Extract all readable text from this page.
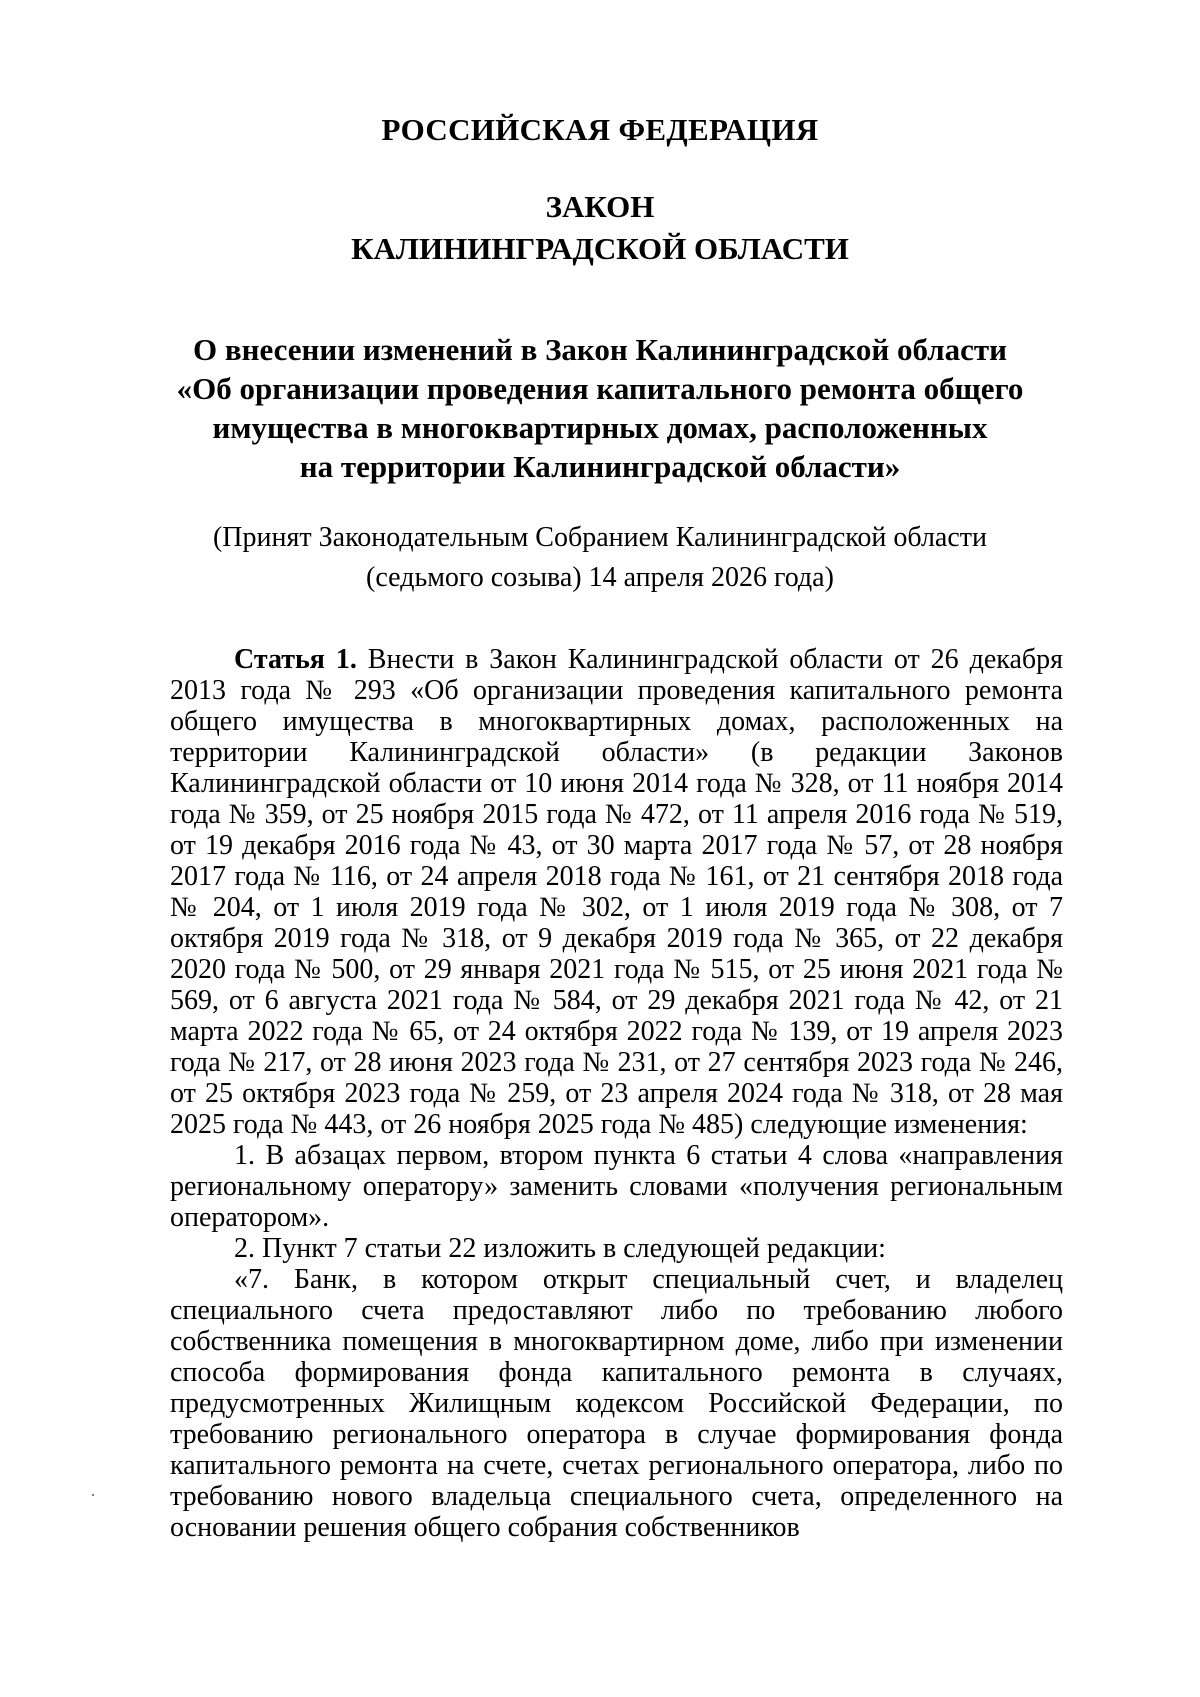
РОССИЙСКАЯ ФЕДЕРАЦИЯ
ЗАКОН
КАЛИНИНГРАДСКОЙ ОБЛАСТИ
О внесении изменений в Закон Калининградской области
«Об организации проведения капитального ремонта общего
имущества в многоквартирных домах, расположенных
на территории Калининградской области»

(Принят Законодательным Собранием Калининградской области
(седьмого созыва) 14 апреля 2026 года)

Статья 1. Внести в Закон Калининградской области от 26 декабря 2013 года № 293 «Об организации проведения капитального ремонта общего имущества в многоквартирных домах, расположенных на территории Калининградской области» (в редакции Законов Калининградской области от 10 июня 2014 года № 328, от 11 ноября 2014 года № 359, от 25 ноября 2015 года № 472, от 11 апреля 2016 года № 519, от 19 декабря 2016 года № 43, от 30 марта 2017 года № 57, от 28 ноября 2017 года № 116, от 24 апреля 2018 года № 161, от 21 сентября 2018 года № 204, от 1 июля 2019 года № 302, от 1 июля 2019 года № 308, от 7 октября 2019 года № 318, от 9 декабря 2019 года № 365, от 22 декабря 2020 года № 500, от 29 января 2021 года № 515, от 25 июня 2021 года № 569, от 6 августа 2021 года № 584, от 29 декабря 2021 года № 42, от 21 марта 2022 года № 65, от 24 октября 2022 года № 139, от 19 апреля 2023 года № 217, от 28 июня 2023 года № 231, от 27 сентября 2023 года № 246, от 25 октября 2023 года № 259, от 23 апреля 2024 года № 318, от 28 мая 2025 года № 443, от 26 ноября 2025 года № 485) следующие изменения:

1. В абзацах первом, втором пункта 6 статьи 4 слова «направления региональному оператору» заменить словами «получения региональным оператором».

2. Пункт 7 статьи 22 изложить в следующей редакции:

«7. Банк, в котором открыт специальный счет, и владелец специального счета предоставляют либо по требованию любого собственника помещения в многоквартирном доме, либо при изменении способа формирования фонда капитального ремонта в случаях, предусмотренных Жилищным кодексом Российской Федерации, по требованию регионального оператора в случае формирования фонда капитального ремонта на счете, счетах регионального оператора, либо по требованию нового владельца специального счета, определенного на основании решения общего собрания собственников
